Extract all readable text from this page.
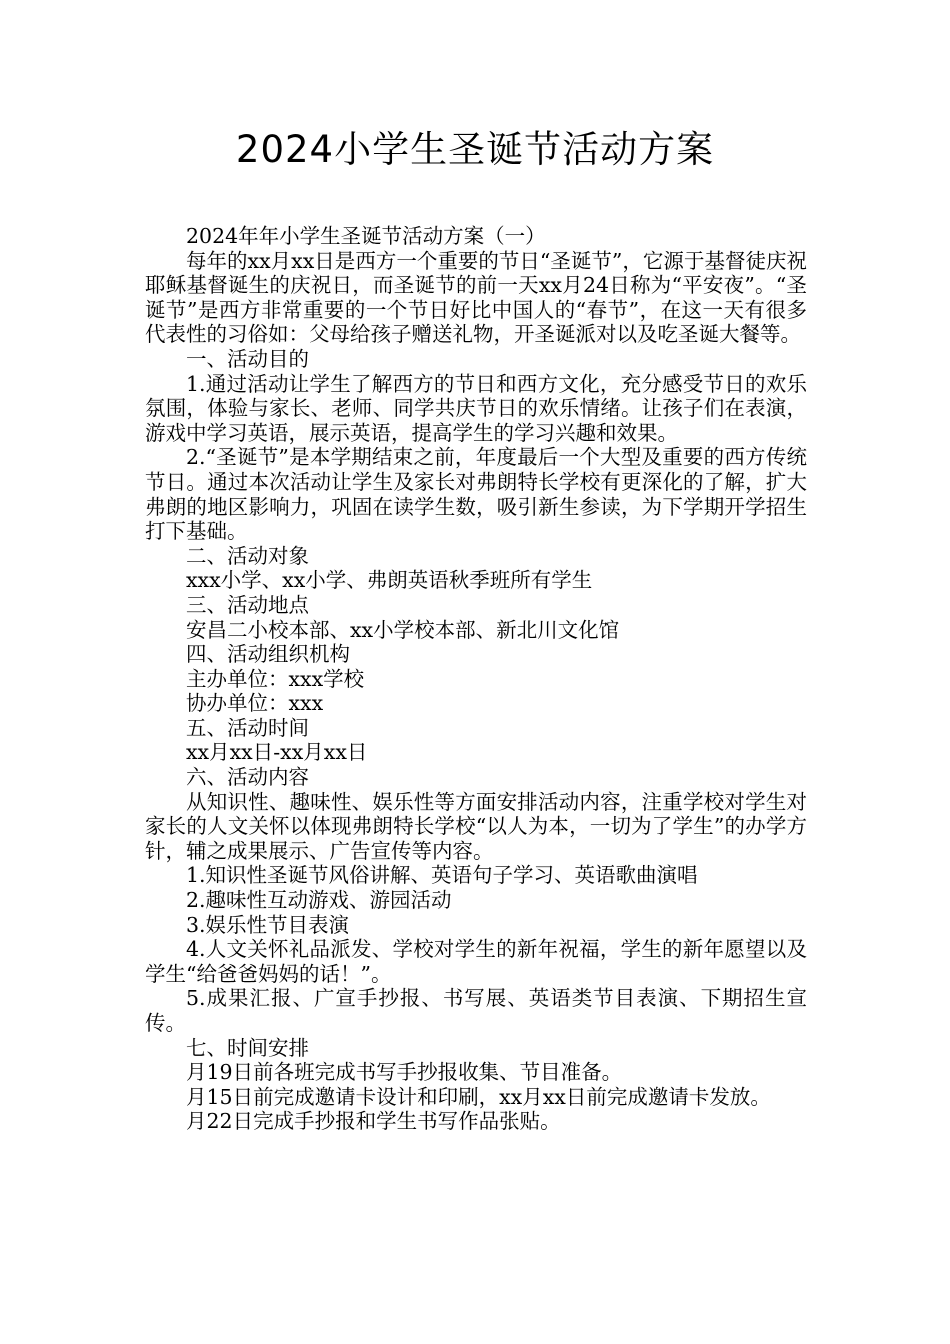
2024小学生圣诞节活动方案

2024年年小学生圣诞节活动方案（一）

每年的xx月xx日是西方一个重要的节日“圣诞节”，它源于基督徒庆祝耶稣基督诞生的庆祝日，而圣诞节的前一天xx月24日称为“平安夜”。“圣诞节”是西方非常重要的一个节日好比中国人的“春节”，在这一天有很多代表性的习俗如：父母给孩子赠送礼物，开圣诞派对以及吃圣诞大餐等。

一、活动目的

1.通过活动让学生了解西方的节日和西方文化，充分感受节日的欢乐氛围，体验与家长、老师、同学共庆节日的欢乐情绪。让孩子们在表演，游戏中学习英语，展示英语，提高学生的学习兴趣和效果。

2.“圣诞节”是本学期结束之前，年度最后一个大型及重要的西方传统节日。通过本次活动让学生及家长对弗朗特长学校有更深化的了解，扩大弗朗的地区影响力，巩固在读学生数，吸引新生参读，为下学期开学招生打下基础。

二、活动对象

xxx小学、xx小学、弗朗英语秋季班所有学生

三、活动地点

安昌二小校本部、xx小学校本部、新北川文化馆

四、活动组织机构

主办单位：xxx学校

协办单位：xxx

五、活动时间

xx月xx日-xx月xx日

六、活动内容

从知识性、趣味性、娱乐性等方面安排活动内容，注重学校对学生对家长的人文关怀以体现弗朗特长学校“以人为本，一切为了学生”的办学方针，辅之成果展示、广告宣传等内容。

1.知识性圣诞节风俗讲解、英语句子学习、英语歌曲演唱

2.趣味性互动游戏、游园活动

3.娱乐性节目表演

4.人文关怀礼品派发、学校对学生的新年祝福，学生的新年愿望以及学生“给爸爸妈妈的话！”。

5.成果汇报、广宣手抄报、书写展、英语类节目表演、下期招生宣传。

七、时间安排

月19日前各班完成书写手抄报收集、节目准备。

月15日前完成邀请卡设计和印刷，xx月xx日前完成邀请卡发放。

月22日完成手抄报和学生书写作品张贴。
